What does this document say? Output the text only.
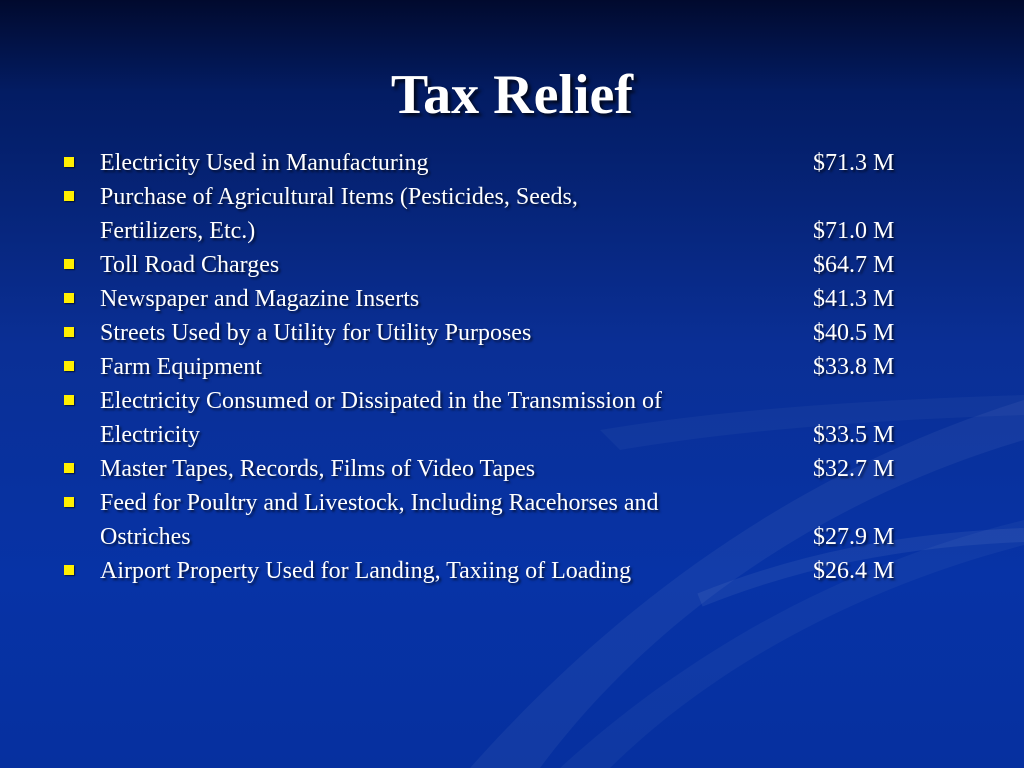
Tax Relief
Electricity Used in Manufacturing	$71.3 M
Purchase of Agricultural Items (Pesticides, Seeds,
Fertilizers, Etc.)	$71.0 M
Toll Road Charges	$64.7 M
Newspaper and Magazine Inserts	$41.3 M
Streets Used by a Utility for Utility Purposes	$40.5 M
Farm Equipment	$33.8 M
Electricity Consumed or Dissipated in the Transmission of
Electricity	$33.5 M
Master Tapes, Records, Films of Video Tapes	$32.7 M
Feed for Poultry and Livestock, Including Racehorses and
Ostriches	$27.9 M
Airport Property Used for Landing, Taxiing of Loading	$26.4 M
